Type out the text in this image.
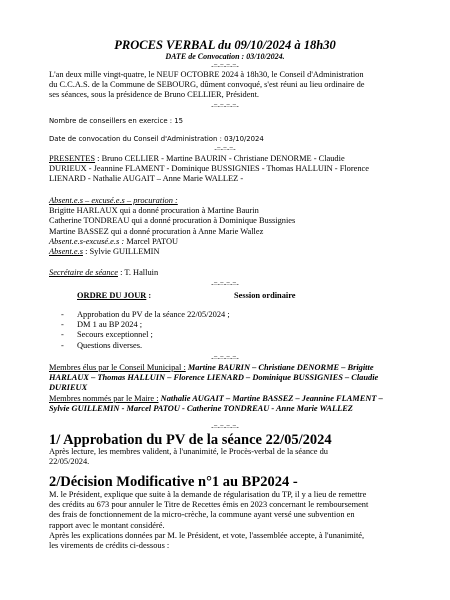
PROCES VERBAL du 09/10/2024 à 18h30
DATE de Convocation : 03/10/2024.
-=-=-=-=-
L'an deux mille vingt-quatre, le NEUF OCTOBRE 2024 à 18h30, le Conseil d'Administration
du C.C.A.S. de la Commune de SEBOURG, dûment convoqué, s'est réuni au lieu ordinaire de
ses séances, sous la présidence de Bruno CELLIER, Président.
-=-=-=-=-
Nombre de conseillers en exercice : 15
Date de convocation du Conseil d'Administration : 03/10/2024
-=-=-=-
PRESENTES : Bruno CELLIER - Martine BAURIN - Christiane DENORME - Claudie
DURIEUX - Jeannine FLAMENT - Dominique BUSSIGNIES - Thomas HALLUIN - Florence
LIENARD - Nathalie AUGAIT – Anne Marie WALLEZ -
Absent.e.s – excusé.e.s – procuration :
Brigitte HARLAUX qui a donné procuration à Martine Baurin
Catherine TONDREAU qui a donné procuration à Dominique Bussignies
Martine BASSEZ qui a donné procuration à Anne Marie Wallez
Absent.e.s-excusé.e.s : Marcel PATOU
Absent.e.s : Sylvie GUILLEMIN
Secrétaire de séance : T. Halluin
-=-=-=-=-
ORDRE DU JOUR :	Session ordinaire
- Approbation du PV de la séance 22/05/2024 ;
- DM 1 au BP 2024 ;
- Secours exceptionnel ;
- Questions diverses.
-=-=-=-=-
Membres élus par le Conseil Municipal : Martine BAURIN – Christiane DENORME – Brigitte
HARLAUX – Thomas HALLUIN – Florence LIENARD – Dominique BUSSIGNIES – Claudie
DURIEUX
Membres nommés par le Maire : Nathalie AUGAIT – Martine BASSEZ – Jeannine FLAMENT –
Sylvie GUILLEMIN - Marcel PATOU - Catherine TONDREAU - Anne Marie WALLEZ
-=-=-=-=-
1/ Approbation du PV de la séance 22/05/2024
Après lecture, les membres valident, à l'unanimité, le Procès-verbal de la séance du
22/05/2024.
2/Décision Modificative n°1 au BP2024 -
M. le Président, explique que suite à la demande de régularisation du TP, il y a lieu de remettre
des crédits au 673 pour annuler le Titre de Recettes émis en 2023 concernant le remboursement
des frais de fonctionnement de la micro-crèche, la commune ayant versé une subvention en
rapport avec le montant considéré.
Après les explications données par M. le Président, et vote, l'assemblée accepte, à l'unanimité,
les virements de crédits ci-dessous :
